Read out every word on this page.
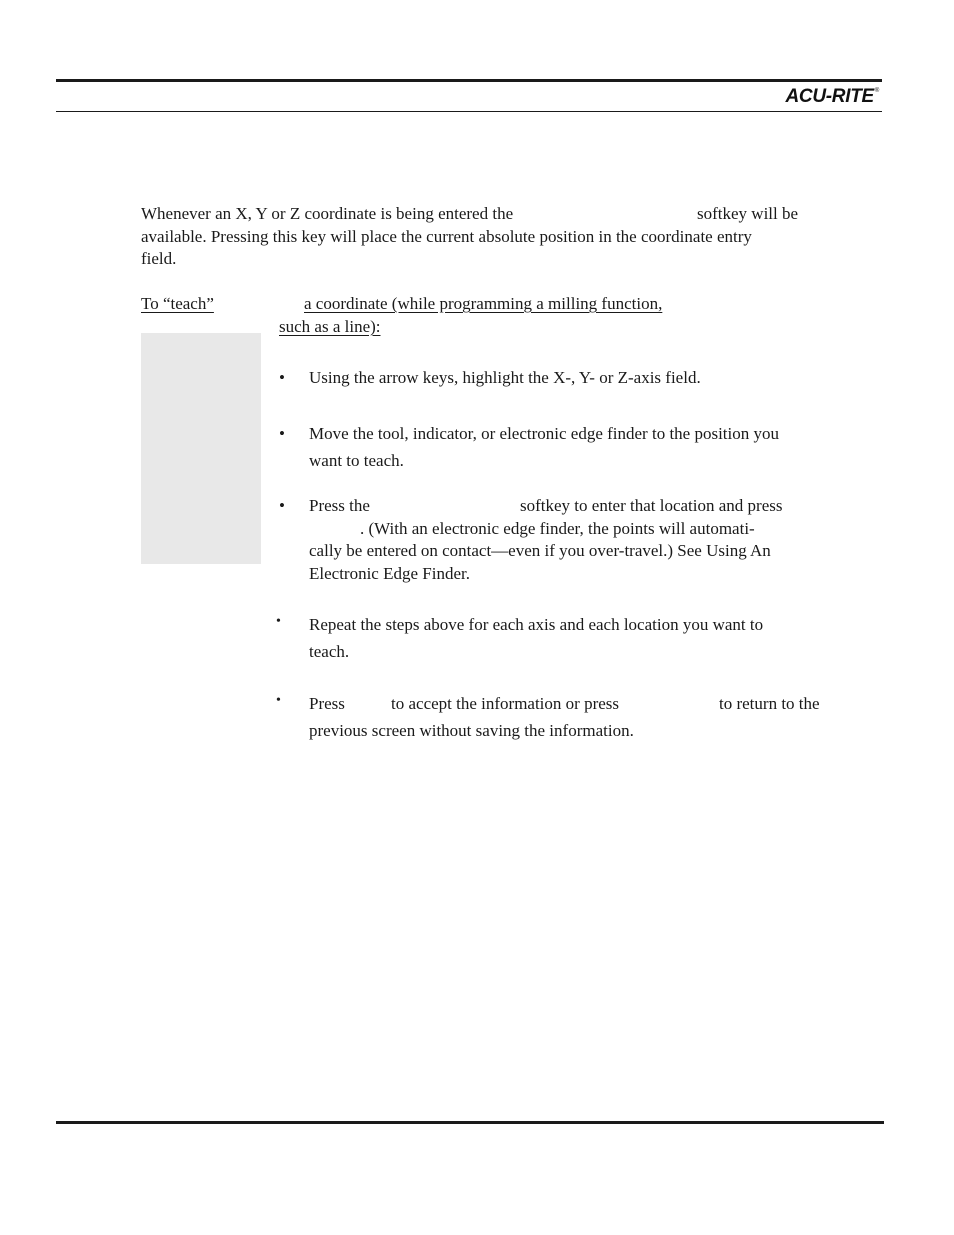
ACU-RITE®
Whenever an X, Y or Z coordinate is being entered the	softkey will be
available. Pressing this key will place the current absolute position in the coordinate entry
field.
To “teach”	a coordinate (while programming a milling function,
such as a line):
• Using the arrow keys, highlight the X-, Y- or Z-axis field.
• Move the tool, indicator, or electronic edge finder to the position you
want to teach.
• Press the	softkey to enter that location and press
. (With an electronic edge finder, the points will automati-
cally be entered on contact—even if you over-travel.) See Using An
Electronic Edge Finder.
• Repeat the steps above for each axis and each location you want to
teach.
• Press	to accept the information or press	to return to the
previous screen without saving the information.
